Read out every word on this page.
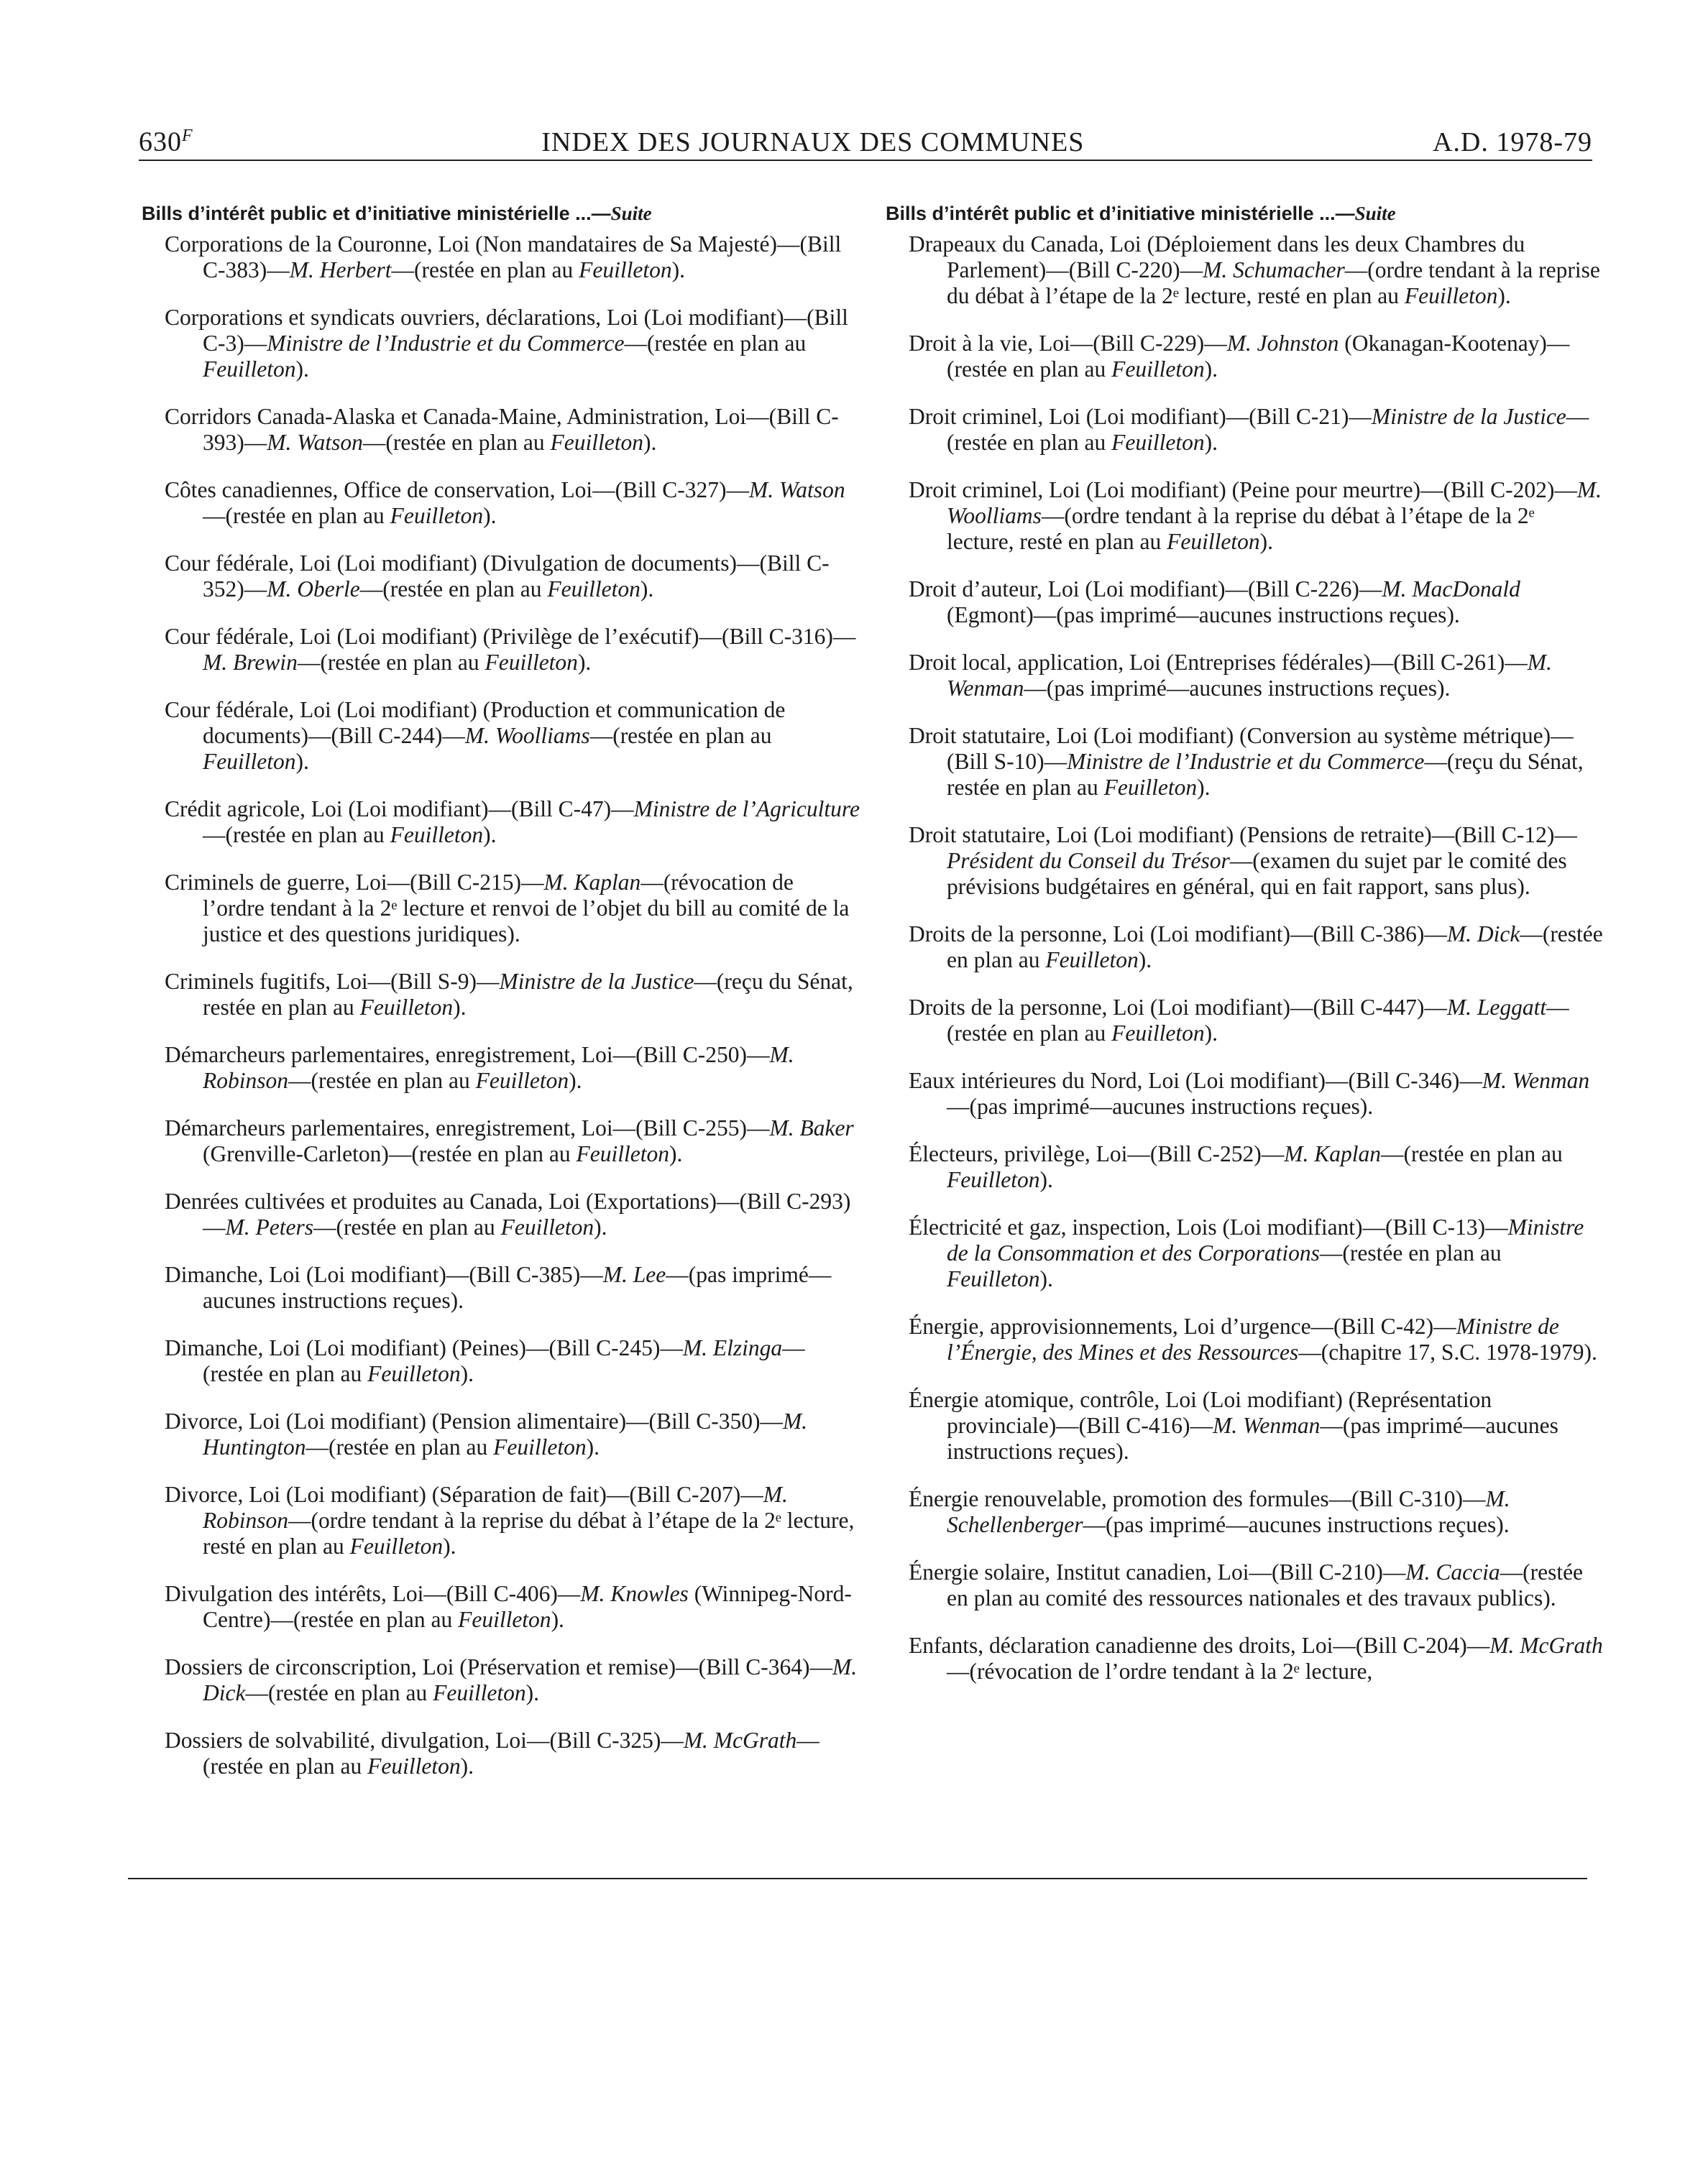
$630^F$	INDEX DES JOURNAUX DES COMMUNES	A.D. 1978-79
Bills d’intérêt public et d’initiative ministérielle ...—Suite
Corporations de la Couronne, Loi (Non mandataires de Sa Majesté)—(Bill C-383)—M. Herbert—(restée en plan au Feuilleton).
Corporations et syndicats ouvriers, déclarations, Loi (Loi modifiant)—(Bill C-3)—Ministre de l’Industrie et du Commerce—(restée en plan au Feuilleton).
Corridors Canada-Alaska et Canada-Maine, Administration, Loi—(Bill C-393)—M. Watson—(restée en plan au Feuilleton).
Côtes canadiennes, Office de conservation, Loi—(Bill C-327)—M. Watson—(restée en plan au Feuilleton).
Cour fédérale, Loi (Loi modifiant) (Divulgation de documents)—(Bill C-352)—M. Oberle—(restée en plan au Feuilleton).
Cour fédérale, Loi (Loi modifiant) (Privilège de l’exécutif)—(Bill C-316)—M. Brewin—(restée en plan au Feuilleton).
Cour fédérale, Loi (Loi modifiant) (Production et communication de documents)—(Bill C-244)—M. Woolliams—(restée en plan au Feuilleton).
Crédit agricole, Loi (Loi modifiant)—(Bill C-47)—Ministre de l’Agriculture—(restée en plan au Feuilleton).
Criminels de guerre, Loi—(Bill C-215)—M. Kaplan—(révocation de l’ordre tendant à la 2ᵉ lecture et renvoi de l’objet du bill au comité de la justice et des questions juridiques).
Criminels fugitifs, Loi—(Bill S-9)—Ministre de la Justice—(reçu du Sénat, restée en plan au Feuilleton).
Démarcheurs parlementaires, enregistrement, Loi—(Bill C-250)—M. Robinson—(restée en plan au Feuilleton).
Démarcheurs parlementaires, enregistrement, Loi—(Bill C-255)—M. Baker (Grenville-Carleton)—(restée en plan au Feuilleton).
Denrées cultivées et produites au Canada, Loi (Exportations)—(Bill C-293)—M. Peters—(restée en plan au Feuilleton).
Dimanche, Loi (Loi modifiant)—(Bill C-385)—M. Lee—(pas imprimé—aucunes instructions reçues).
Dimanche, Loi (Loi modifiant) (Peines)—(Bill C-245)—M. Elzinga—(restée en plan au Feuilleton).
Divorce, Loi (Loi modifiant) (Pension alimentaire)—(Bill C-350)—M. Huntington—(restée en plan au Feuilleton).
Divorce, Loi (Loi modifiant) (Séparation de fait)—(Bill C-207)—M. Robinson—(ordre tendant à la reprise du débat à l’étape de la 2ᵉ lecture, resté en plan au Feuilleton).
Divulgation des intérêts, Loi—(Bill C-406)—M. Knowles (Winnipeg-Nord-Centre)—(restée en plan au Feuilleton).
Dossiers de circonscription, Loi (Préservation et remise)—(Bill C-364)—M. Dick—(restée en plan au Feuilleton).
Dossiers de solvabilité, divulgation, Loi—(Bill C-325)—M. McGrath—(restée en plan au Feuilleton).
Bills d’intérêt public et d’initiative ministérielle ...—Suite
Drapeaux du Canada, Loi (Déploiement dans les deux Chambres du Parlement)—(Bill C-220)—M. Schumacher—(ordre tendant à la reprise du débat à l’étape de la 2ᵉ lecture, resté en plan au Feuilleton).
Droit à la vie, Loi—(Bill C-229)—M. Johnston (Okanagan-Kootenay)—(restée en plan au Feuilleton).
Droit criminel, Loi (Loi modifiant)—(Bill C-21)—Ministre de la Justice—(restée en plan au Feuilleton).
Droit criminel, Loi (Loi modifiant) (Peine pour meurtre)—(Bill C-202)—M. Woolliams—(ordre tendant à la reprise du débat à l’étape de la 2ᵉ lecture, resté en plan au Feuilleton).
Droit d’auteur, Loi (Loi modifiant)—(Bill C-226)—M. MacDonald (Egmont)—(pas imprimé—aucunes instructions reçues).
Droit local, application, Loi (Entreprises fédérales)—(Bill C-261)—M. Wenman—(pas imprimé—aucunes instructions reçues).
Droit statutaire, Loi (Loi modifiant) (Conversion au système métrique)—(Bill S-10)—Ministre de l’Industrie et du Commerce—(reçu du Sénat, restée en plan au Feuilleton).
Droit statutaire, Loi (Loi modifiant) (Pensions de retraite)—(Bill C-12)—Président du Conseil du Trésor—(examen du sujet par le comité des prévisions budgétaires en général, qui en fait rapport, sans plus).
Droits de la personne, Loi (Loi modifiant)—(Bill C-386)—M. Dick—(restée en plan au Feuilleton).
Droits de la personne, Loi (Loi modifiant)—(Bill C-447)—M. Leggatt—(restée en plan au Feuilleton).
Eaux intérieures du Nord, Loi (Loi modifiant)—(Bill C-346)—M. Wenman—(pas imprimé—aucunes instructions reçues).
Électeurs, privilège, Loi—(Bill C-252)—M. Kaplan—(restée en plan au Feuilleton).
Électricité et gaz, inspection, Lois (Loi modifiant)—(Bill C-13)—Ministre de la Consommation et des Corporations—(restée en plan au Feuilleton).
Énergie, approvisionnements, Loi d’urgence—(Bill C-42)—Ministre de l’Énergie, des Mines et des Ressources—(chapitre 17, S.C. 1978-1979).
Énergie atomique, contrôle, Loi (Loi modifiant) (Représentation provinciale)—(Bill C-416)—M. Wenman—(pas imprimé—aucunes instructions reçues).
Énergie renouvelable, promotion des formules—(Bill C-310)—M. Schellenberger—(pas imprimé—aucunes instructions reçues).
Énergie solaire, Institut canadien, Loi—(Bill C-210)—M. Caccia—(restée en plan au comité des ressources nationales et des travaux publics).
Enfants, déclaration canadienne des droits, Loi—(Bill C-204)—M. McGrath—(révocation de l’ordre tendant à la 2ᵉ lecture,
